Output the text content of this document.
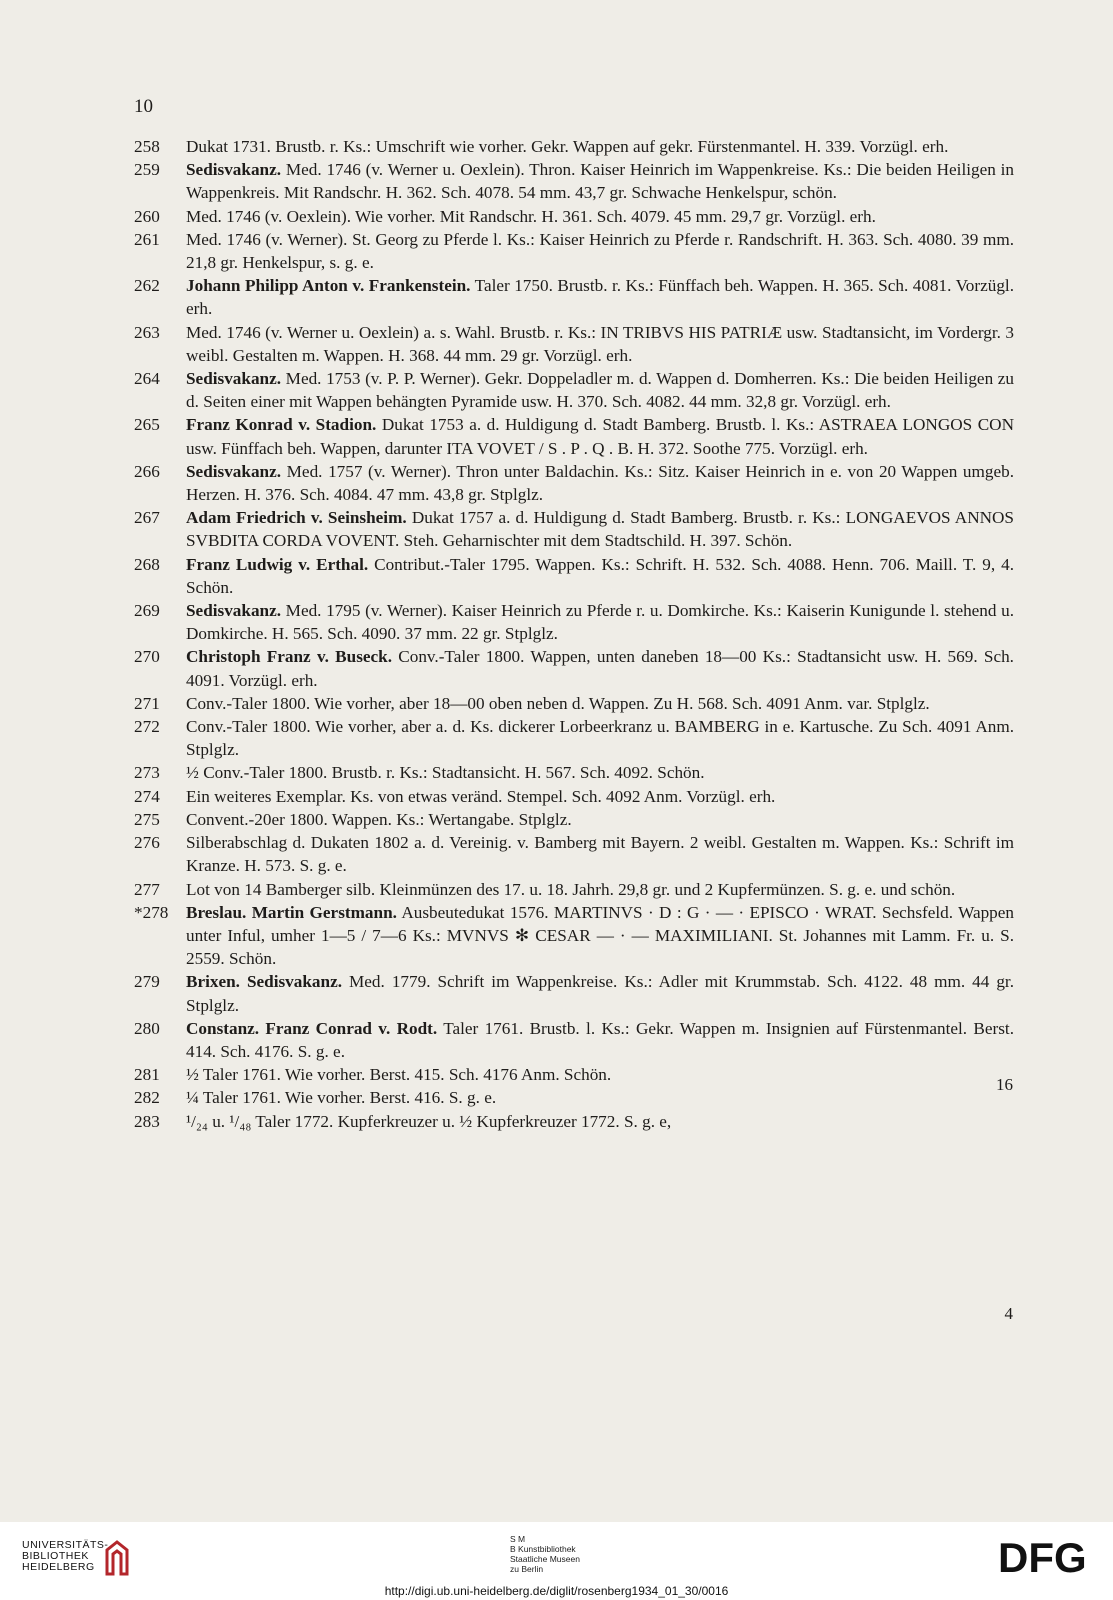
10
258	Dukat 1731. Brustb. r. Ks.: Umschrift wie vorher. Gekr. Wappen auf gekr. Fürstenmantel. H. 339. Vorzügl. erh.
259	Sedisvakanz. Med. 1746 (v. Werner u. Oexlein). Thron. Kaiser Heinrich im Wappenkreise. Ks.: Die beiden Heiligen in Wappenkreis. Mit Randschr. H. 362. Sch. 4078. 54 mm. 43,7 gr. Schwache Henkelspur, schön.
260	Med. 1746 (v. Oexlein). Wie vorher. Mit Randschr. H. 361. Sch. 4079. 45 mm. 29,7 gr. Vorzügl. erh.
261	Med. 1746 (v. Werner). St. Georg zu Pferde l. Ks.: Kaiser Heinrich zu Pferde r. Randschrift. H. 363. Sch. 4080. 39 mm. 21,8 gr. Henkelspur, s. g. e.
262	Johann Philipp Anton v. Frankenstein. Taler 1750. Brustb. r. Ks.: Fünffach beh. Wappen. H. 365. Sch. 4081. Vorzügl. erh.
263	Med. 1746 (v. Werner u. Oexlein) a. s. Wahl. Brustb. r. Ks.: IN TRIBVS HIS PATRIÆ usw. Stadtansicht, im Vordergr. 3 weibl. Gestalten m. Wappen. H. 368. 44 mm. 29 gr. Vorzügl. erh.
264	Sedisvakanz. Med. 1753 (v. P. P. Werner). Gekr. Doppeladler m. d. Wappen d. Domherren. Ks.: Die beiden Heiligen zu d. Seiten einer mit Wappen behängten Pyramide usw. H. 370. Sch. 4082. 44 mm. 32,8 gr. Vorzügl. erh.
265	Franz Konrad v. Stadion. Dukat 1753 a. d. Huldigung d. Stadt Bamberg. Brustb. l. Ks.: ASTRAEA LONGOS CON usw. Fünffach beh. Wappen, darunter ITA VOVET / S . P . Q . B. H. 372. Soothe 775. Vorzügl. erh.
266	Sedisvakanz. Med. 1757 (v. Werner). Thron unter Baldachin. Ks.: Sitz. Kaiser Heinrich in e. von 20 Wappen umgeb. Herzen. H. 376. Sch. 4084. 47 mm. 43,8 gr. Stplglz.
267	Adam Friedrich v. Seinsheim. Dukat 1757 a. d. Huldigung d. Stadt Bamberg. Brustb. r. Ks.: LONGAEVOS ANNOS SVBDITA CORDA VOVENT. Steh. Geharnischter mit dem Stadtschild. H. 397. Schön.
268	Franz Ludwig v. Erthal. Contribut.-Taler 1795. Wappen. Ks.: Schrift. H. 532. Sch. 4088. Henn. 706. Maill. T. 9, 4. Schön.
269	Sedisvakanz. Med. 1795 (v. Werner). Kaiser Heinrich zu Pferde r. u. Domkirche. Ks.: Kaiserin Kunigunde l. stehend u. Domkirche. H. 565. Sch. 4090. 37 mm. 22 gr. Stplglz.
270	Christoph Franz v. Buseck. Conv.-Taler 1800. Wappen, unten daneben 18—00 Ks.: Stadtansicht usw. H. 569. Sch. 4091. Vorzügl. erh.
271	Conv.-Taler 1800. Wie vorher, aber 18—00 oben neben d. Wappen. Zu H. 568. Sch. 4091 Anm. var. Stplglz.
272	Conv.-Taler 1800. Wie vorher, aber a. d. Ks. dickerer Lorbeerkranz u. BAMBERG in e. Kartusche. Zu Sch. 4091 Anm. Stplglz.
273	½ Conv.-Taler 1800. Brustb. r. Ks.: Stadtansicht. H. 567. Sch. 4092. Schön.
274	Ein weiteres Exemplar. Ks. von etwas veränd. Stempel. Sch. 4092 Anm. Vorzügl. erh.
275	Convent.-20er 1800. Wappen. Ks.: Wertangabe. Stplglz.
276	Silberabschlag d. Dukaten 1802 a. d. Vereinig. v. Bamberg mit Bayern. 2 weibl. Gestalten m. Wappen. Ks.: Schrift im Kranze. H. 573. S. g. e.
277	Lot von 14 Bamberger silb. Kleinmünzen des 17. u. 18. Jahrh. 29,8 gr. und 2 Kupfermünzen. S. g. e. und schön.
*278	Breslau. Martin Gerstmann. Ausbeutedukat 1576. MARTINVS · D : G · — · EPISCO · WRAT. Sechsfeld. Wappen unter Inful, umher 1—5 / 7—6 Ks.: MVNVS ✻ CESAR — · — MAXIMILIANI. St. Johannes mit Lamm. Fr. u. S. 2559. Schön.
279	Brixen. Sedisvakanz. Med. 1779. Schrift im Wappenkreise. Ks.: Adler mit Krummstab. Sch. 4122. 48 mm. 44 gr. Stplglz.
280	Constanz. Franz Conrad v. Rodt. Taler 1761. Brustb. l. Ks.: Gekr. Wappen m. Insignien auf Fürstenmantel. Berst. 414. Sch. 4176. S. g. e.
281	½ Taler 1761. Wie vorher. Berst. 415. Sch. 4176 Anm. Schön.
282	¼ Taler 1761. Wie vorher. Berst. 416. S. g. e.
283	¹/₂₄ u. ¹/₄₈ Taler 1772. Kupferkreuzer u. ½ Kupferkreuzer 1772. S. g. e,
16
4
UNIVERSITÄTS-
BIBLIOTHEK
HEIDELBERG
S M
B Kunstbibliothek
Staatliche Museen
zu Berlin	DFG
http://digi.ub.uni-heidelberg.de/diglit/rosenberg1934_01_30/0016
